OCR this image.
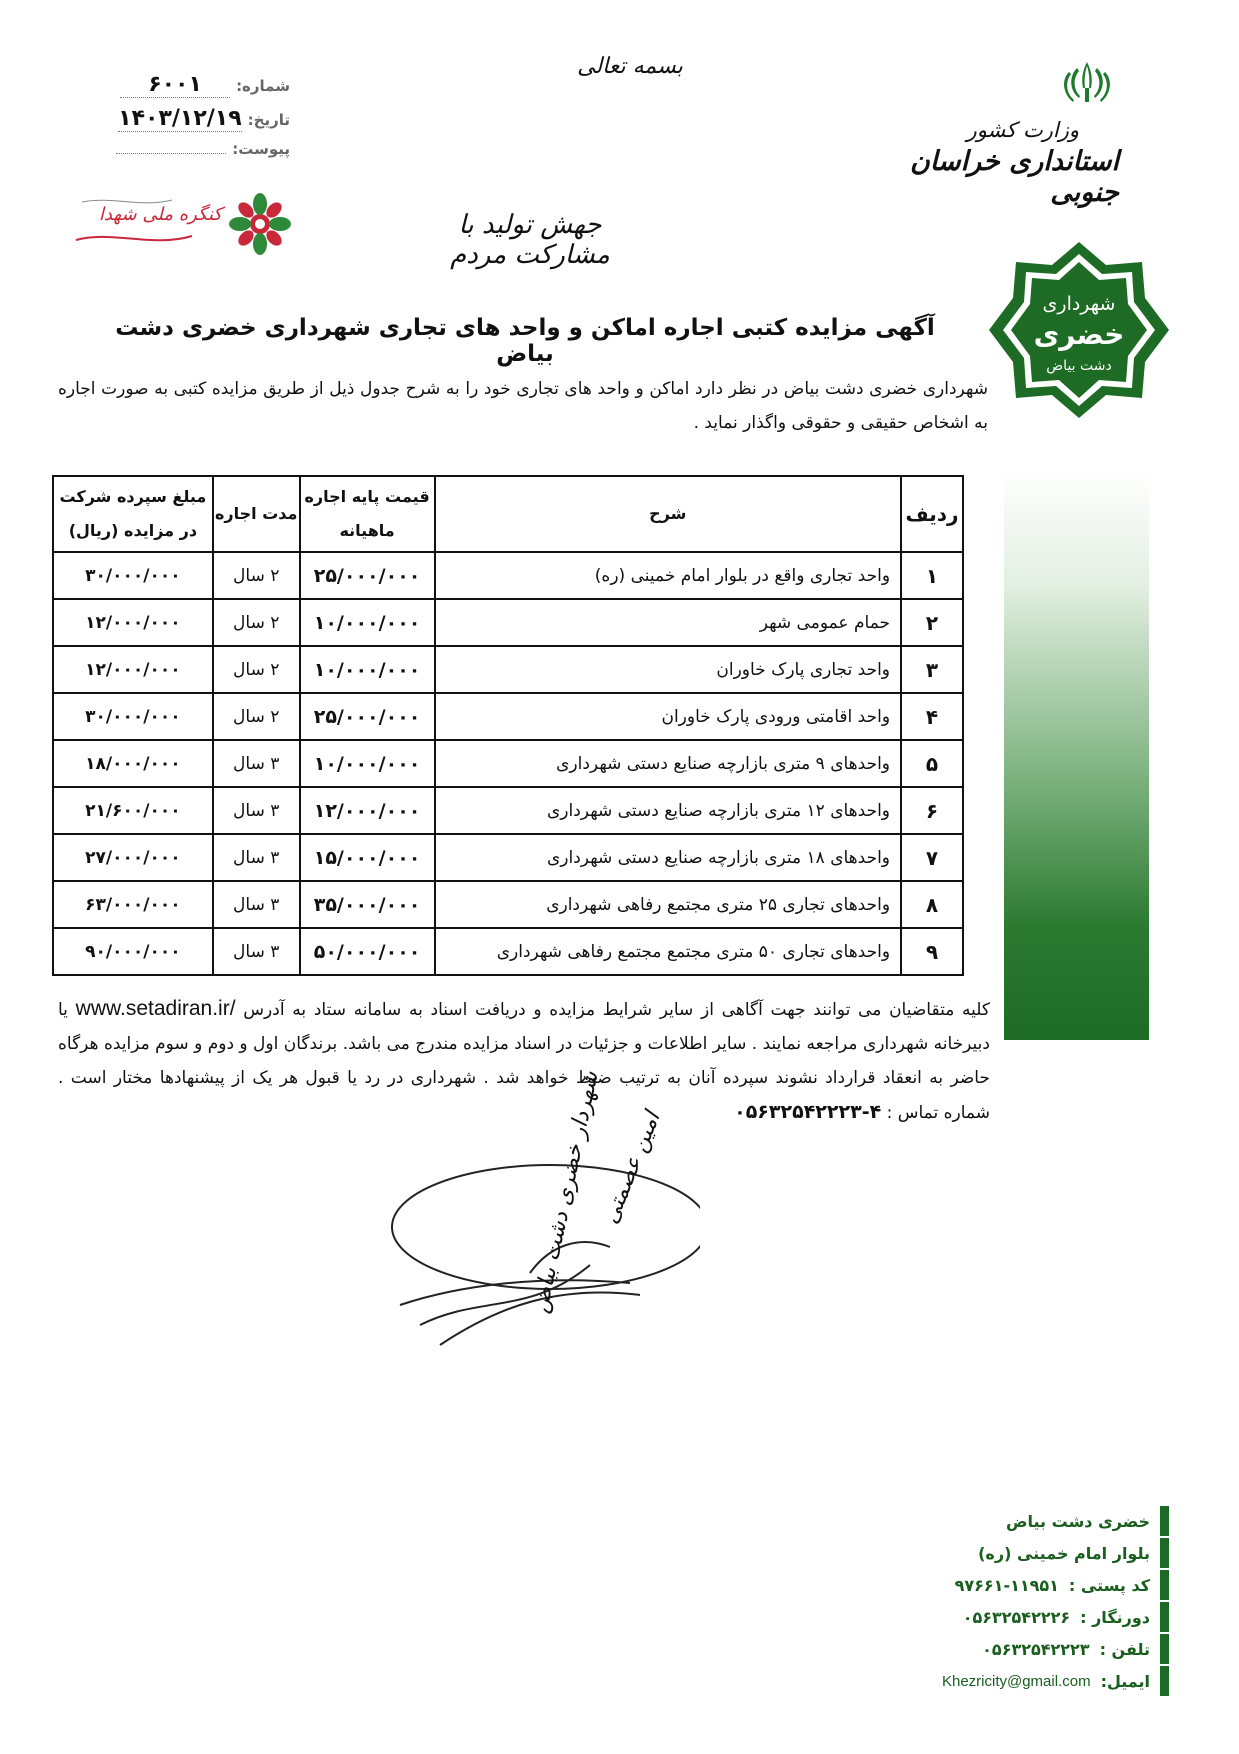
وزارت کشور
استانداری خراسان جنوبی
بسمه تعالی
شماره:
۶۰۰۱
تاریخ:
۱۴۰۳/۱۲/۱۹
پیوست:
کنگره ملی شهدا	جهش تولید با مشارکت مردم
شهرداری
خضری
دشت بیاض
آگهی مزایده کتبی اجاره اماکن و واحد های تجاری شهرداری خضری دشت بیاض
شهرداری خضری دشت بیاض در نظر دارد اماکن و واحد های تجاری خود را به شرح جدول ذیل از طریق مزایده کتبی به صورت اجاره به اشخاص حقیقی و حقوقی واگذار نماید .
ردیف	شرح	قیمت پایه اجاره ماهیانه	مدت اجاره	مبلغ سپرده شرکت در مزایده (ریال)
۱	واحد تجاری واقع در بلوار امام خمینی (ره)	۲۵/۰۰۰/۰۰۰	۲ سال	۳۰/۰۰۰/۰۰۰
۲	حمام عمومی شهر	۱۰/۰۰۰/۰۰۰	۲ سال	۱۲/۰۰۰/۰۰۰
۳	واحد تجاری پارک خاوران	۱۰/۰۰۰/۰۰۰	۲ سال	۱۲/۰۰۰/۰۰۰
۴	واحد اقامتی ورودی پارک خاوران	۲۵/۰۰۰/۰۰۰	۲ سال	۳۰/۰۰۰/۰۰۰
۵	واحدهای ۹ متری بازارچه صنایع دستی شهرداری	۱۰/۰۰۰/۰۰۰	۳ سال	۱۸/۰۰۰/۰۰۰
۶	واحدهای ۱۲ متری بازارچه صنایع دستی شهرداری	۱۲/۰۰۰/۰۰۰	۳ سال	۲۱/۶۰۰/۰۰۰
۷	واحدهای ۱۸ متری بازارچه صنایع دستی شهرداری	۱۵/۰۰۰/۰۰۰	۳ سال	۲۷/۰۰۰/۰۰۰
۸	واحدهای تجاری ۲۵ متری مجتمع رفاهی شهرداری	۳۵/۰۰۰/۰۰۰	۳ سال	۶۳/۰۰۰/۰۰۰
۹	واحدهای تجاری ۵۰ متری مجتمع مجتمع رفاهی شهرداری	۵۰/۰۰۰/۰۰۰	۳ سال	۹۰/۰۰۰/۰۰۰
کلیه متقاضیان می توانند جهت آگاهی از سایر شرایط مزایده و دریافت اسناد به سامانه ستاد به آدرس www.setadiran.ir/ یا دبیرخانه شهرداری مراجعه نمایند . سایر اطلاعات و جزئیات در اسناد مزایده مندرج می باشد. برندگان اول و دوم و سوم مزایده هرگاه حاضر به انعقاد قرارداد نشوند سپرده آنان به ترتیب ضبط خواهد شد . شهرداری در رد یا قبول هر یک از پیشنهادها مختار است . شماره تماس : ۴-۰۵۶۳۲۵۴۲۲۲۳
امین عصمتی
شهردار خضری دشت بیاض
خضری دشت بیاض
بلوار امام خمینی (ره)
کد پستی :
۹۷۶۶۱-۱۱۹۵۱
دورنگار :
۰۵۶۳۲۵۴۲۲۲۶
تلفن :
۰۵۶۳۲۵۴۲۲۲۳
ایمیل:
Khezricity@gmail.com
